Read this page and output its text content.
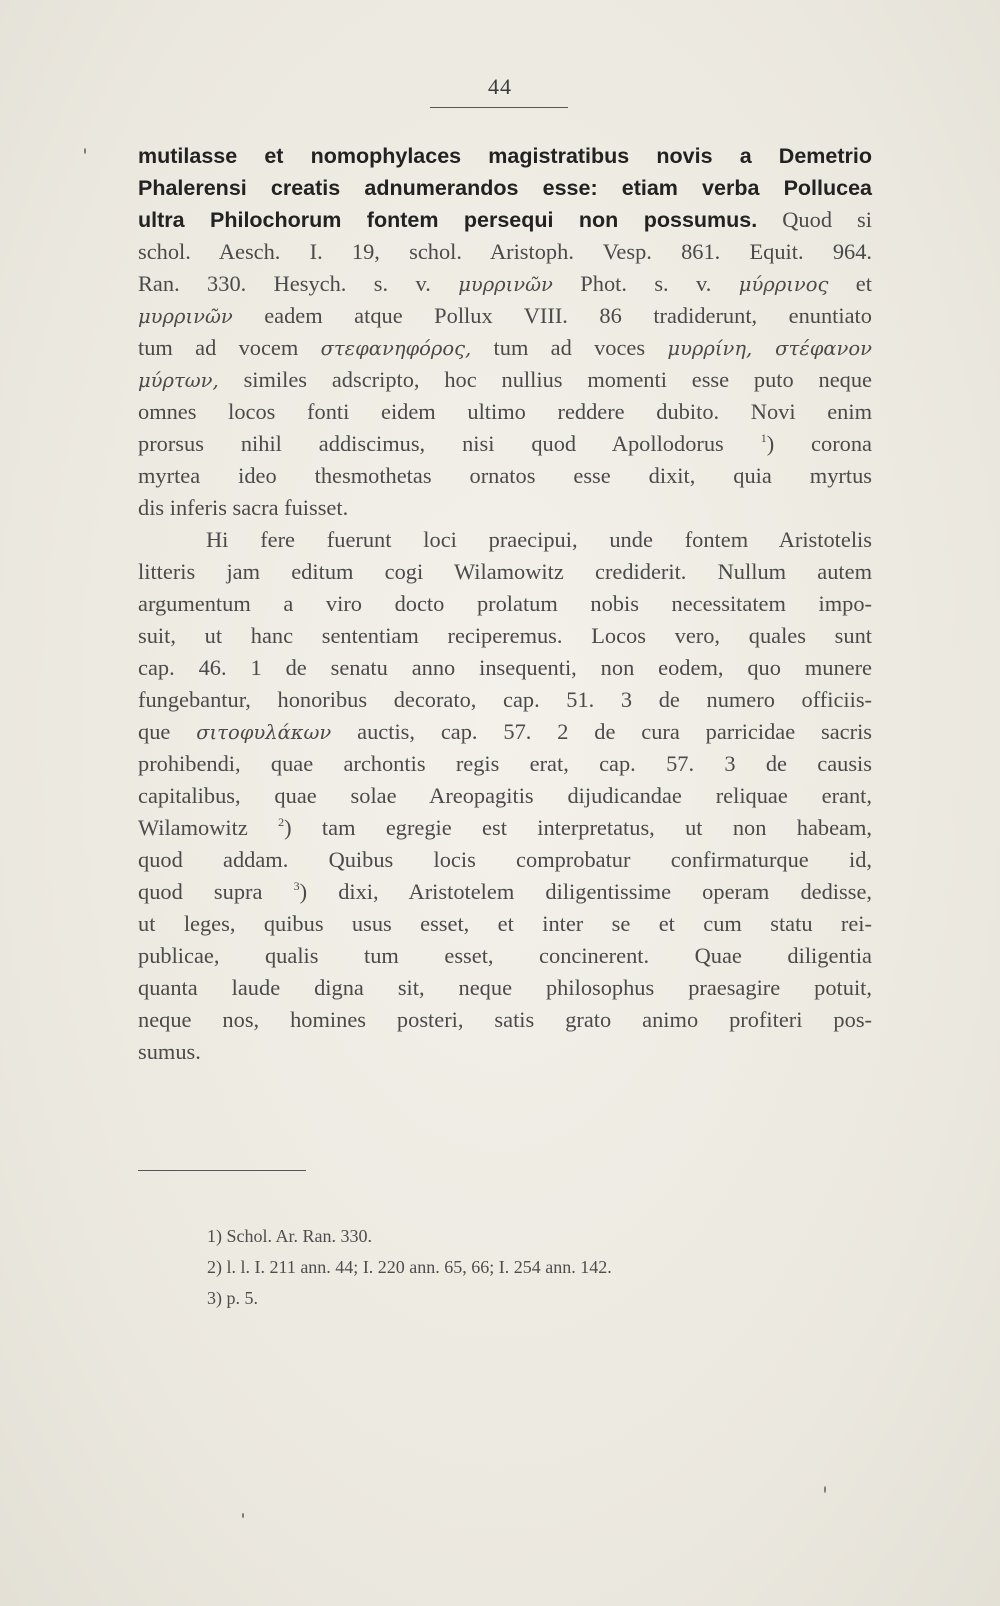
44
mutilasse et nomophylaces magistratibus novis a Demetrio
Phalerensi creatis adnumerandos esse: etiam verba Pollucea
ultra Philochorum fontem persequi non possumus. Quod si
schol. Aesch. I. 19, schol. Aristoph. Vesp. 861. Equit. 964.
Ran. 330. Hesych. s. v. μυρρινῶν Phot. s. v. μύρρινος et
μυρρινῶν eadem atque Pollux VIII. 86 tradiderunt, enuntiato
tum ad vocem στεφανηφόρος, tum ad voces μυρρίνη, στέφανον
μύρτων, similes adscripto, hoc nullius momenti esse puto neque
omnes locos fonti eidem ultimo reddere dubito. Novi enim
prorsus nihil addiscimus, nisi quod Apollodorus	$^1$) corona
myrtea ideo thesmothetas ornatos esse dixit, quia myrtus
dis inferis sacra fuisset.
Hi fere fuerunt loci praecipui, unde fontem Aristotelis
litteris jam editum cogi Wilamowitz crediderit. Nullum autem
argumentum a viro docto prolatum nobis necessitatem impo-
suit, ut hanc sententiam reciperemus. Locos vero, quales sunt
cap. 46. 1 de senatu anno insequenti, non eodem, quo munere
fungebantur, honoribus decorato, cap. 51. 3 de numero officiis-
que σιτοφυλάκων auctis, cap. 57. 2 de cura parricidae sacris
prohibendi, quae archontis regis erat, cap. 57. 3 de causis
capitalibus, quae solae Areopagitis dijudicandae reliquae erant,
Wilamowitz	$^2$) tam egregie est interpretatus, ut non habeam,
quod addam. Quibus locis comprobatur confirmaturque id,
quod supra	$^3$) dixi, Aristotelem diligentissime operam dedisse,
ut leges, quibus usus esset, et inter se et cum statu rei-
publicae, qualis tum esset, concinerent. Quae diligentia
quanta laude digna sit, neque philosophus praesagire potuit,
neque nos, homines posteri, satis grato animo profiteri pos-
sumus.
1) Schol. Ar. Ran. 330.
2) l. l. I. 211 ann. 44; I. 220 ann. 65, 66; I. 254 ann. 142.
3) p. 5.
